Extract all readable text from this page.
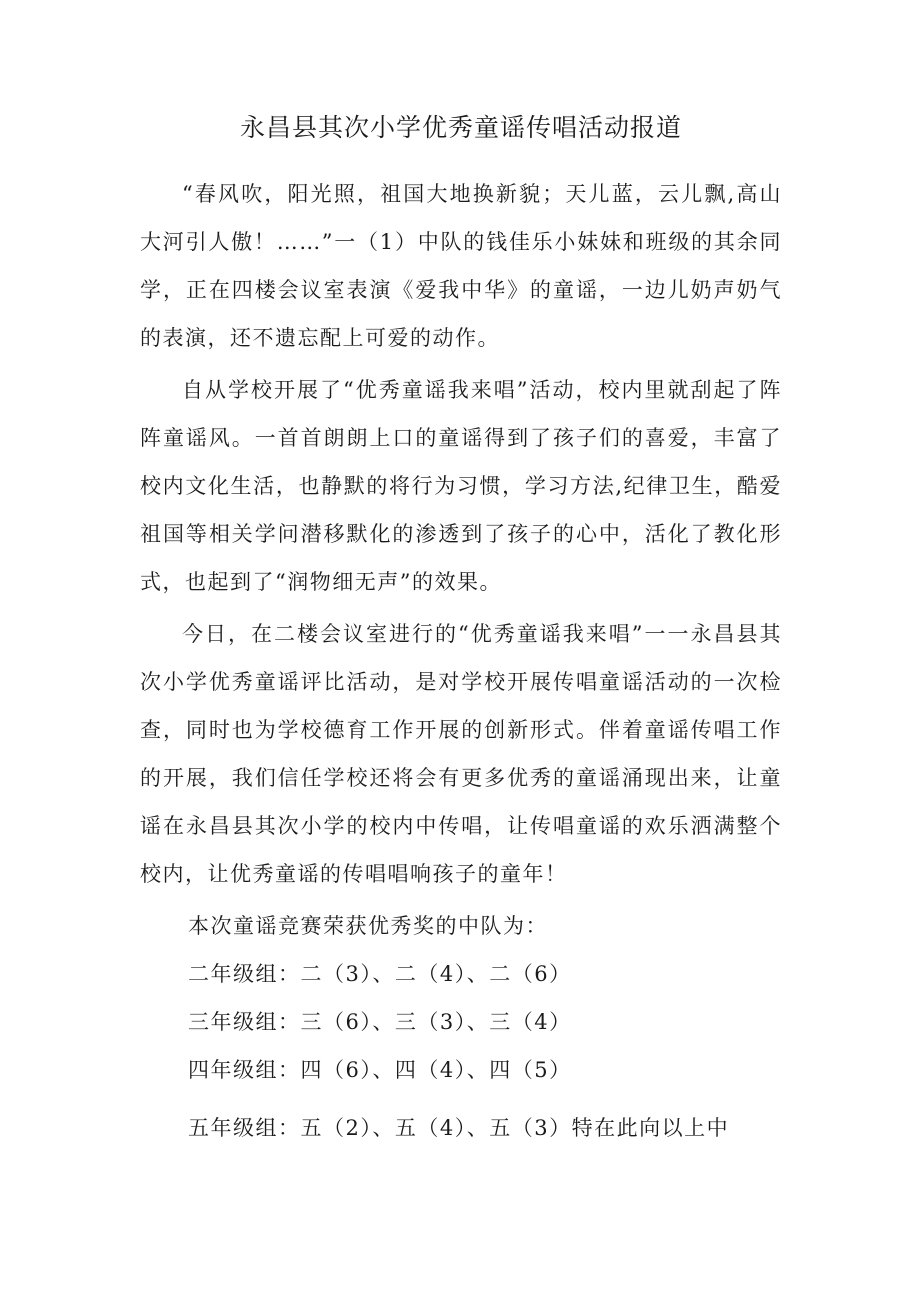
永昌县其次小学优秀童谣传唱活动报道

“春风吹，阳光照，祖国大地换新貌；天儿蓝，云儿飘,高山大河引人傲！……”一（1）中队的钱佳乐小妹妹和班级的其余同学，正在四楼会议室表演《爱我中华》的童谣，一边儿奶声奶气的表演，还不遗忘配上可爱的动作。

自从学校开展了“优秀童谣我来唱”活动，校内里就刮起了阵阵童谣风。一首首朗朗上口的童谣得到了孩子们的喜爱，丰富了校内文化生活，也静默的将行为习惯，学习方法,纪律卫生，酷爱祖国等相关学问潜移默化的渗透到了孩子的心中，活化了教化形式，也起到了“润物细无声”的效果。

今日，在二楼会议室进行的“优秀童谣我来唱”一一永昌县其次小学优秀童谣评比活动，是对学校开展传唱童谣活动的一次检查，同时也为学校德育工作开展的创新形式。伴着童谣传唱工作的开展，我们信任学校还将会有更多优秀的童谣涌现出来，让童谣在永昌县其次小学的校内中传唱，让传唱童谣的欢乐洒满整个校内，让优秀童谣的传唱唱响孩子的童年！

本次童谣竞赛荣获优秀奖的中队为：

二年级组：二（3）、二（4）、二（6）

三年级组：三（6）、三（3）、三（4）

四年级组：四（6）、四（4）、四（5）

五年级组：五（2）、五（4）、五（3）特在此向以上中
